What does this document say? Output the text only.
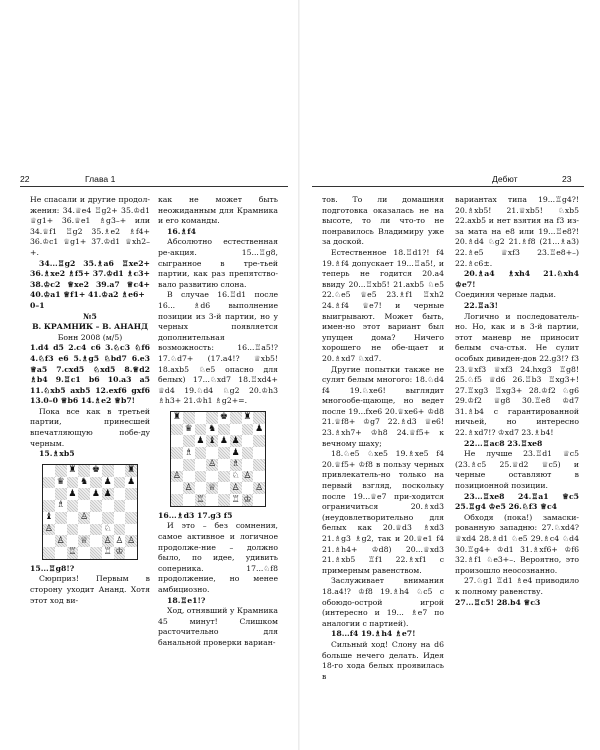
22	Глава 1

Не спасали и другие продол-жения: 34.♕e4 ♖g2+ 35.♔d1 ♕g1+ 36.♕e1 ♗g3–+ или 34.♕f1 ♖g2 35.♗e2 ♗f4+ 36.♔c1 ♕g1+ 37.♔d1 ♕xh2–+.

34...♖g2 35.♗a6 ♖xe2+ 36.♗xe2 ♗f5+ 37.♔d1 ♗c3+ 38.♔c2 ♕xe2 39.a7 ♕c4+ 40.♔a1 ♕f1+ 41.♔a2 ♗e6+

0–1

№5

В. КРАМНИК – В. АНАНД

Бонн 2008 (м/5)

1.d4 d5 2.c4 c6 3.♘c3 ♘f6 4.♘f3 e6 5.♗g5 ♘bd7 6.e3 ♕a5 7.cxd5 ♘xd5 8.♕d2 ♗b4 9.♖c1 b6 10.a3 a5 11.♘xb5 axb5 12.exf6 gxf6 13.0–0 ♕b6 14.♗e2 ♕b7!

Пока все как в третьей партии, принесшей впечатляющую побе-ду черным.

15.♗xb5

♜ ♚	♜
♛ ♞ ♟ ♟
♟ ♟ ♟
♗
♝	♙
♙	♘
♙ ♕ ♙ ♙ ♙
♖	♖ ♔

15...♖g8!?

Сюрприз! Первым в сторону уходит Ананд. Хотя этот ход ви-

как не может быть неожиданным для Крамника и его команды.

16.♗f4

Абсолютно естественная ре-акция. 15...♖g8, сыгранное в тре-тьей партии, как раз препятство-вало развитию слона.

В случае 16.♖d1 после 16... ♗d6 выполнение позиции из 3-й партии, но у черных появляется дополнительная возможность: 16...♖a5!? 17.♘d7+ (17.a4!? ♕xb5! 18.axb5 ♘e5 опасно для белых) 17...♘xd7 18.♖xd4+ ♕d4 19.♘d4 ♘g2 20.♔h3 ♗h3+ 21.♔h1 ♗g2+=.

♜	♚ ♜
♛ ♞	♟
♟ ♝ ♟ ♟
♗	♟
♙ ♗
♙	♘ ♙
♙ ♕ ♙ ♙
♖	♖ ♔

16...♗d3 17.g3 f5

И это – без сомнения, самое активное и логичное продолже-ние – должно было, по идее, удивить соперника. 17...♘f8 продолжение, но менее амбициозно.

18.♖e1!?

Ход, отнявший у Крамника 45 минут! Слишком расточительно для банальной проверки вариан-

Дебют	23

тов. То ли домашняя подготовка оказалась не на высоте, то ли что-то не понравилось Владимиру уже за доской.

Естественное 18.♖d1?! f4 19.♗f4 допускает 19...♖a5!, и теперь не годится 20.a4 ввиду 20...♖xb5! 21.axb5 ♘e5 22.♘e5 ♕e5 23.♗f1 ♖xh2 24.♗f4 ♕e7! и черные выигрывают. Может быть, имен-но этот вариант был упущен дома? Ничего хорошего не обе-щает и 20.♗xd7 ♘xd7.

Другие попытки также не сулят белым многого: 18.♘d4 f4 19.♘xe6! выглядит многообе-щающе, но ведет после 19...fxe6 20.♕xe6+ ♔d8 21.♕f8+ ♔g7 22.♗d3 ♕e6! 23.♗xh7+ ♔h8 24.♕f5+ к вечному шаху;

18.♘e5 ♘xe5 19.♗xe5 f4 20.♕f5+ ♔f8 в пользу черных привлекатель-но только на первый взгляд, поскольку после 19...♕e7 при-ходится ограничиться 20.♗xd3 (неудовлетворительно для белых как 20.♕d3 ♗xd3 21.♗g3 ♗g2, так и 20.♕e1 f4 21.♗h4+ ♔d8) 20...♕xd3 21.♗xb5 ♖f1 22.♗xf1 с примерным равенством.

Заслуживает внимания 18.a4!? ♔f8 19.♗h4 ♘c5 с обоюдо-острой игрой (интересно и 19... ♗e7 по аналогии с партией).

18...f4 19.♗h4 ♗e7!

Сильный ход! Слону на d6 больше нечего делать. Идея 18-го хода белых проявилась в

вариантах типа 19...♖g4?! 20.♗xb5! 21.♕xb5! ♘xb5 22.axb5 и нет взятия на f3 из-за мата на e8 или 19...♖e8?! 20.♗d4 ♘g2 21.♗f8 (21...♗a3) 22.♗e5 ♕xf3 23.♖e8+–) 22.♗c6±.

20.♗a4 ♗xh4 21.♘xh4 ♔e7!

Соединяя черные ладьи.

22.♖a3!

Логично и последователь-но. Но, как и в 3-й партии, этот маневр не приносит белым сча-стья. Не сулит особых дивиден-дов 22.g3!? f3 23.♕xf3 ♕xf3 24.hxg3 ♖g8! 25.♘f5 ♕d6 26.♖b3 ♖xg3+! 27.♖xg3 ♖xg3+ 28.♔f2 ♘g6 29.♔f2 ♕g8 30.♖e8 ♔d7 31.♗b4 с гарантированной ничьей, но интересно 22.♗xd7!? ♔xd7 23.♗b4!

22...♖ac8 23.♖xe8

Не лучше 23.♖d1 ♕c5 (23.♗c5 25.♕d2 ♕c5) и черные оставляют в позиционной позиции.

23...♖xe8 24.♖a1 ♕c5 25.♖g4 ♔e5 26.♘f3 ♕c4

Обходя (пока!) замаски-рованную западню: 27.♘xd4? ♕xd4 28.♗d1 ♘e5 29.♗c4 ♘d4 30.♖g4+ ♔d1 31.♗xf6+ ♔f6 32.♗f1 ♘e3+–. Вероятно, это произошло неосознанно.

27.♘g1 ♖d1 ♗e4 приводило к полному равенству.

27...♖c5! 28.b4 ♕c3
